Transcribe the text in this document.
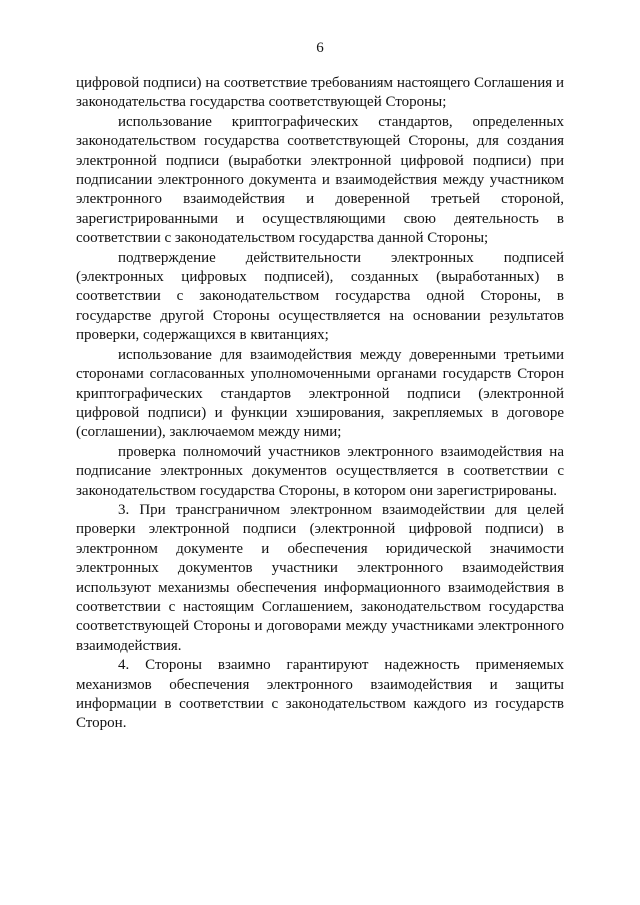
6

цифровой подписи) на соответствие требованиям настоящего Соглашения и законодательства государства соответствующей Стороны;

использование криптографических стандартов, определенных законодательством государства соответствующей Стороны, для создания электронной подписи (выработки электронной цифровой подписи) при подписании электронного документа и взаимодействия между участником электронного взаимодействия и доверенной третьей стороной, зарегистрированными и осуществляющими свою деятельность в соответствии с законодательством государства данной Стороны;

подтверждение действительности электронных подписей (электронных цифровых подписей), созданных (выработанных) в соответствии с законодательством государства одной Стороны, в государстве другой Стороны осуществляется на основании результатов проверки, содержащихся в квитанциях;

использование для взаимодействия между доверенными третьими сторонами согласованных уполномоченными органами государств Сторон криптографических стандартов электронной подписи (электронной цифровой подписи) и функции хэширования, закрепляемых в договоре (соглашении), заключаемом между ними;

проверка полномочий участников электронного взаимодействия на подписание электронных документов осуществляется в соответствии с законодательством государства Стороны, в котором они зарегистрированы.

3. При трансграничном электронном взаимодействии для целей проверки электронной подписи (электронной цифровой подписи) в электронном документе и обеспечения юридической значимости электронных документов участники электронного взаимодействия используют механизмы обеспечения информационного взаимодействия в соответствии с настоящим Соглашением, законодательством государства соответствующей Стороны и договорами между участниками электронного взаимодействия.

4. Стороны взаимно гарантируют надежность применяемых механизмов обеспечения электронного взаимодействия и защиты информации в соответствии с законодательством каждого из государств Сторон.
